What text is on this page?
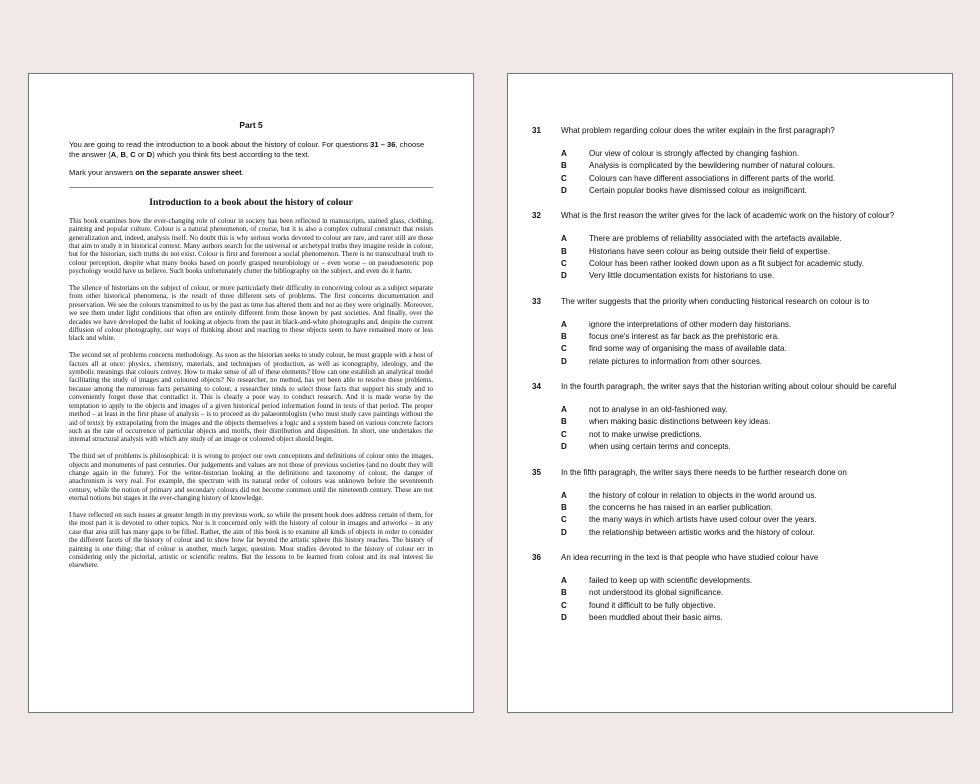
Part 5
You are going to read the introduction to a book about the history of colour. For questions 31 – 36, choose the answer (A, B, C or D) which you think fits best according to the text.
Mark your answers on the separate answer sheet.
Introduction to a book about the history of colour

This book examines how the ever-changing role of colour in society has been reflected in manuscripts, stained glass, clothing, painting and popular culture. Colour is a natural phenomenon, of course, but it is also a complex cultural construct that resists generalization and, indeed, analysis itself. No doubt this is why serious works devoted to colour are rare, and rarer still are those that aim to study it in historical context. Many authors search for the universal or archetypal truths they imagine reside in colour, but for the historian, such truths do not exist. Colour is first and foremost a social phenomenon. There is no transcultural truth to colour perception, despite what many books based on poorly grasped neurobiology or – even worse – on pseudoesoteric pop psychology would have us believe. Such books unfortunately clutter the bibliography on the subject, and even do it harm.

The silence of historians on the subject of colour, or more particularly their difficulty in conceiving colour as a subject separate from other historical phenomena, is the result of three different sets of problems. The first concerns documentation and preservation. We see the colours transmitted to us by the past as time has altered them and not as they were originally. Moreover, we see them under light conditions that often are entirely different from those known by past societies. And finally, over the decades we have developed the habit of looking at objects from the past in black-and-white photographs and, despite the current diffusion of colour photography, our ways of thinking about and reacting to these objects seem to have remained more or less black and white.

The second set of problems concerns methodology. As soon as the historian seeks to study colour, he must grapple with a host of factors all at once: physics, chemistry, materials, and techniques of production, as well as iconography, ideology, and the symbolic meanings that colours convey. How to make sense of all of these elements? How can one establish an analytical model facilitating the study of images and coloured objects? No researcher, no method, has yet been able to resolve these problems, because among the numerous facts pertaining to colour, a researcher tends to select those facts that support his study and to conveniently forget those that contradict it. This is clearly a poor way to conduct research. And it is made worse by the temptation to apply to the objects and images of a given historical period information found in texts of that period. The proper method – at least in the first phase of analysis – is to proceed as do palaeontologists (who must study cave paintings without the aid of texts): by extrapolating from the images and the objects themselves a logic and a system based on various concrete factors such as the rate of occurrence of particular objects and motifs, their distribution and disposition. In short, one undertakes the internal structural analysis with which any study of an image or coloured object should begin.

The third set of problems is philosophical: it is wrong to project our own conceptions and definitions of colour onto the images, objects and monuments of past centuries. Our judgements and values are not those of previous societies (and no doubt they will change again in the future). For the writer-historian looking at the definitions and taxonomy of colour, the danger of anachronism is very real. For example, the spectrum with its natural order of colours was unknown before the seventeenth century, while the notion of primary and secondary colours did not become common until the nineteenth century. These are not eternal notions but stages in the ever-changing history of knowledge.

I have reflected on such issues at greater length in my previous work, so while the present book does address certain of them, for the most part it is devoted to other topics. Nor is it concerned only with the history of colour in images and artworks – in any case that area still has many gaps to be filled. Rather, the aim of this book is to examine all kinds of objects in order to consider the different facets of the history of colour and to show how far beyond the artistic sphere this history reaches. The history of painting is one thing; that of colour is another, much larger, question. Most studies devoted to the history of colour err in considering only the pictorial, artistic or scientific realms. But the lessons to be learned from colour and its real interest lie elsewhere.

31	What problem regarding colour does the writer explain in the first paragraph?
A	Our view of colour is strongly affected by changing fashion.
B	Analysis is complicated by the bewildering number of natural colours.
C	Colours can have different associations in different parts of the world.
D	Certain popular books have dismissed colour as insignificant.
32	What is the first reason the writer gives for the lack of academic work on the history of colour?
A	There are problems of reliability associated with the artefacts available.
B	Historians have seen colour as being outside their field of expertise.
C	Colour has been rather looked down upon as a fit subject for academic study.
D	Very little documentation exists for historians to use.
33	The writer suggests that the priority when conducting historical research on colour is to
A	ignore the interpretations of other modern day historians.
B	focus one's interest as far back as the prehistoric era.
C	find some way of organising the mass of available data.
D	relate pictures to information from other sources.
34	In the fourth paragraph, the writer says that the historian writing about colour should be careful
A	not to analyse in an old-fashioned way.
B	when making basic distinctions between key ideas.
C	not to make unwise predictions.
D	when using certain terms and concepts.
35	In the fifth paragraph, the writer says there needs to be further research done on
A	the history of colour in relation to objects in the world around us.
B	the concerns he has raised in an earlier publication.
C	the many ways in which artists have used colour over the years.
D	the relationship between artistic works and the history of colour.
36	An idea recurring in the text is that people who have studied colour have
A	failed to keep up with scientific developments.
B	not understood its global significance.
C	found it difficult to be fully objective.
D	been muddled about their basic aims.
